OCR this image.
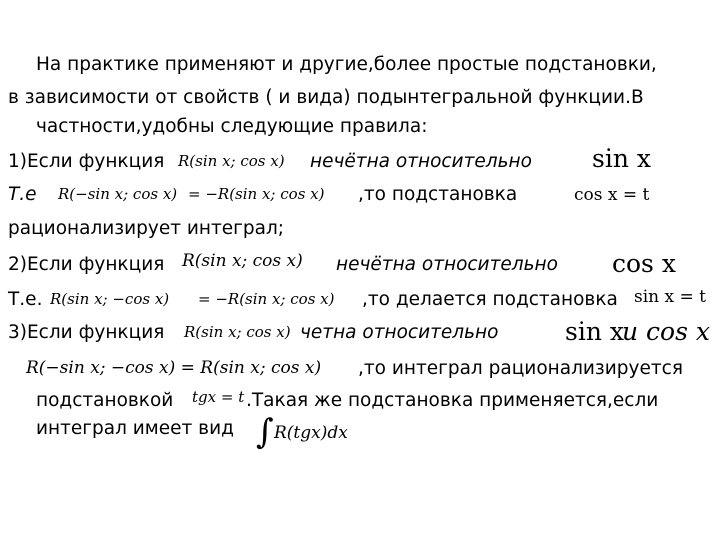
На практике применяют и другие,более простые подстановки,
в зависимости от свойств ( и вида) подынтегральной функции.В
частности,удобны следующие правила:
1)Если функция R(sin x; cos x) нечётна относительно sin x
Т.е R(−sin x; cos x) = −R(sin x; cos x) ,то подстановка	cos x = t
рационализирует интеграл;
2)Если функция R(sin x; cos x) нечётна относительно cos x
Т.е. R(sin x; −cos x) = −R(sin x; cos x) ,то делается подстановка sin x = t
3)Если функция R(sin x; cos x) четна относительно	sin x
и cos x
R(−sin x; −cos x) = R(sin x; cos x) ,то интеграл рационализируется
подстановкой tgx = t .Такая же подстановка применяется,если
интеграл имеет вид ∫ R(tgx)dx
